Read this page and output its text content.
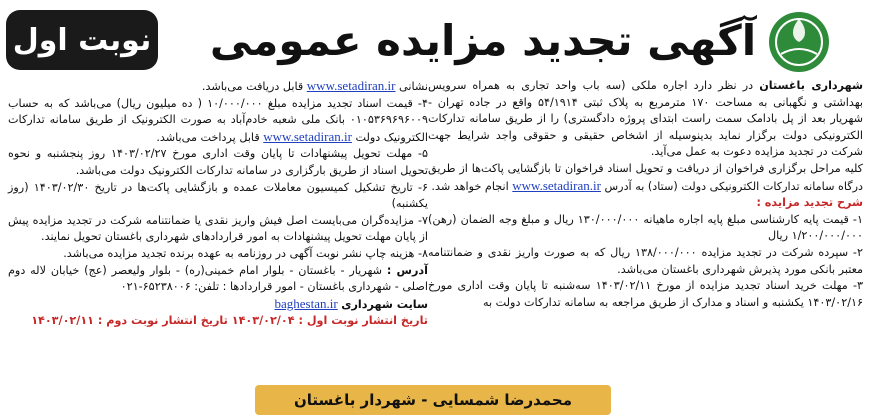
نوبت اول	آگهی تجدید مزایده عمومی

شهرداری باغستان در نظر دارد اجاره ملکی (سه باب واحد تجاری به همراه سرویس بهداشتی و نگهبانی به مساحت ۱۷۰ مترمربع به پلاک ثبتی ۵۴/۱۹۱۴ واقع در جاده تهران - شهریار بعد از پل بادامک سمت راست ابتدای پروژه دادگستری) را از طریق سامانه تدارکات الکترونیکی دولت برگزار نماید بدینوسیله از اشخاص حقیقی و حقوقی واجد شرایط جهت شرکت در تجدید مزایده دعوت به عمل می‌آید.

کلیه مراحل برگزاری فراخوان از دریافت و تحویل اسناد فراخوان تا بازگشایی پاکت‌ها از طریق درگاه سامانه تدارکات الکترونیکی دولت (ستاد) به آدرس www.setadiran.ir انجام خواهد شد.

شرح تجدید مزایده :

۱- قیمت پایه کارشناسی مبلغ پایه اجاره ماهیانه ۱۳۰/۰۰۰/۰۰۰ ریال و مبلغ وجه الضمان (رهن) ۱/۲۰۰/۰۰۰/۰۰۰ ریال

۲- سپرده شرکت در تجدید مزایده ۱۳۸/۰۰۰/۰۰۰ ریال که به صورت واریز نقدی و ضمانتنامه معتبر بانکی مورد پذیرش شهرداری باغستان می‌باشد.

۳- مهلت خرید اسناد تجدید مزایده از مورخ ۱۴۰۳/۰۲/۱۱ سه‌شنبه تا پایان وقت اداری مورخ ۱۴۰۳/۰۲/۱۶ یکشنبه و اسناد و مدارک از طریق مراجعه به سامانه تدارکات دولت به

نشانی www.setadiran.ir قابل دریافت می‌باشد.

۴- قیمت اسناد تجدید مزایده مبلغ ۱۰/۰۰۰/۰۰۰ ( ده میلیون ریال) می‌باشد که به حساب ۰۱۰۵۳۶۹۶۹۶۰۰۹ بانک ملی شعبه خادم‌آباد به صورت الکترونیک از طریق سامانه تدارکات الکترونیک دولت www.setadiran.ir قابل پرداخت می‌باشد.

۵- مهلت تحویل پیشنهادات تا پایان وقت اداری مورخ ۱۴۰۳/۰۲/۲۷ روز پنجشنبه و نحوه تحویل اسناد از طریق بارگزاری در سامانه تدارکات الکترونیک دولت می‌باشد.

۶- تاریخ تشکیل کمیسیون معاملات عمده و بازگشایی پاکت‌ها در تاریخ ۱۴۰۳/۰۲/۳۰ (روز یکشنبه)

۷- مزایده‌گران می‌بایست اصل فیش واریز نقدی یا ضمانتنامه شرکت در تجدید مزایده پیش از پایان مهلت تحویل پیشنهادات به امور قراردادهای شهرداری باغستان تحویل نمایند.

۸- هزینه چاپ نشر نوبت آگهی در روزنامه به عهده برنده تجدید مزایده می‌باشد.

آدرس : شهریار - باغستان - بلوار امام خمینی(ره) - بلوار ولیعصر (عج) خیابان لاله دوم اصلی - شهرداری باغستان - امور قراردادها : تلفن: ۶۵۲۳۸۰۰۶-۰۲۱

سایت شهرداری baghestan.ir

تاریخ انتشار نوبت اول : ۱۴۰۳/۰۲/۰۴ تاریخ انتشار نوبت دوم : ۱۴۰۳/۰۲/۱۱

محمدرضا شمسایی - شهردار باغستان
